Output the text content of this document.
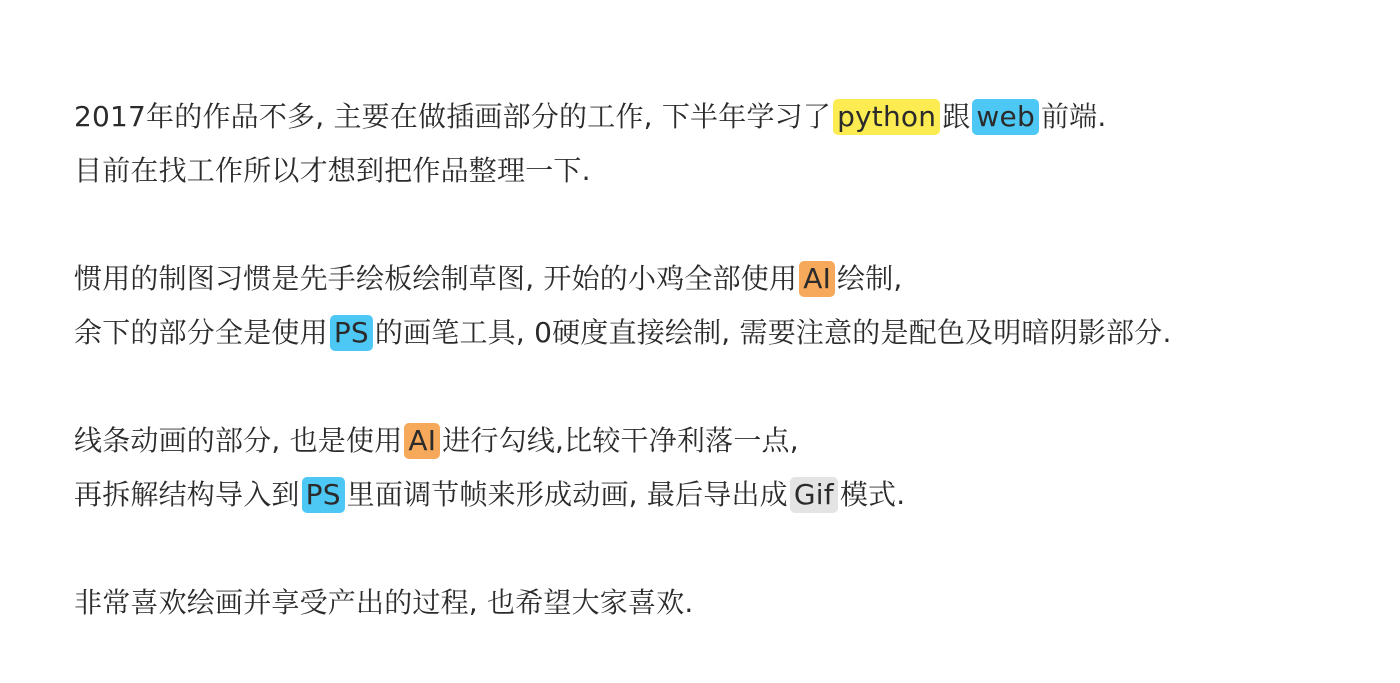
2017年的作品不多, 主要在做插画部分的工作, 下半年学习了 python 跟 web 前端.
目前在找工作所以才想到把作品整理一下.
惯用的制图习惯是先手绘板绘制草图, 开始的小鸡全部使用 AI 绘制,
余下的部分全是使用 PS 的画笔工具, 0硬度直接绘制, 需要注意的是配色及明暗阴影部分.
线条动画的部分, 也是使用 AI 进行勾线,比较干净利落一点,
再拆解结构导入到 PS 里面调节帧来形成动画, 最后导出成 Gif 模式.
非常喜欢绘画并享受产出的过程, 也希望大家喜欢.
